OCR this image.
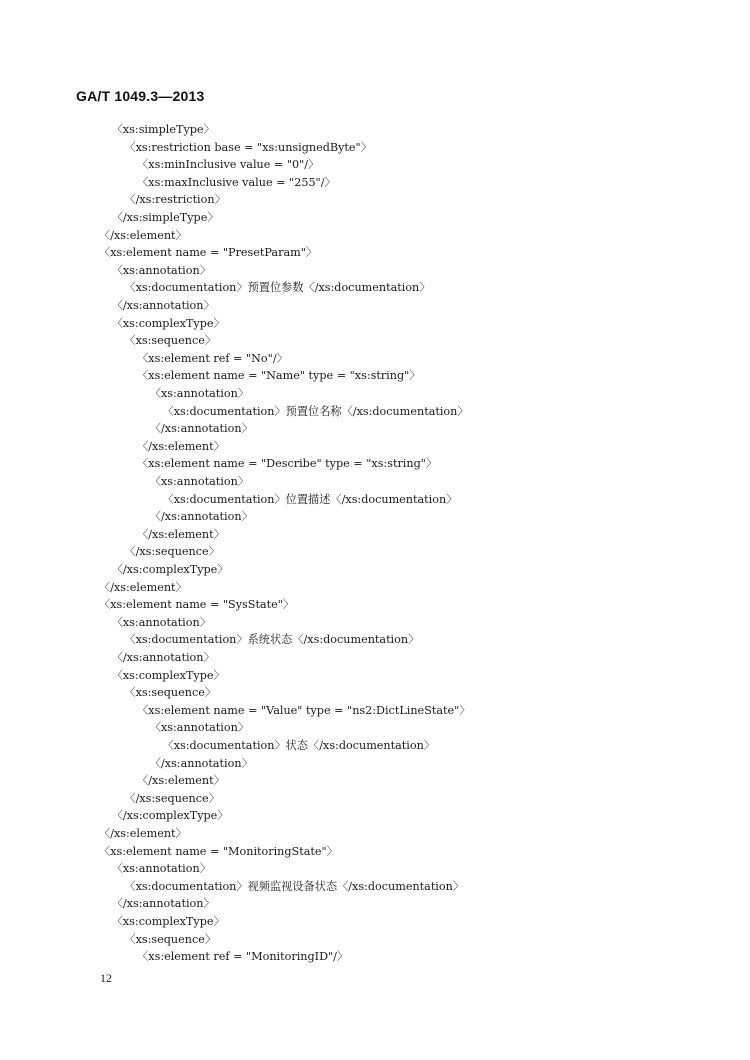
GA/T 1049.3—2013
〈xs:simpleType〉
〈xs:restriction base = "xs:unsignedByte"〉
〈xs:minInclusive value = "0"/〉
〈xs:maxInclusive value = "255"/〉
〈/xs:restriction〉
〈/xs:simpleType〉
〈/xs:element〉
〈xs:element name = "PresetParam"〉
〈xs:annotation〉
〈xs:documentation〉预置位参数〈/xs:documentation〉
〈/xs:annotation〉
〈xs:complexType〉
〈xs:sequence〉
〈xs:element ref = "No"/〉
〈xs:element name = "Name" type = "xs:string"〉
〈xs:annotation〉
〈xs:documentation〉预置位名称〈/xs:documentation〉
〈/xs:annotation〉
〈/xs:element〉
〈xs:element name = "Describe" type = "xs:string"〉
〈xs:annotation〉
〈xs:documentation〉位置描述〈/xs:documentation〉
〈/xs:annotation〉
〈/xs:element〉
〈/xs:sequence〉
〈/xs:complexType〉
〈/xs:element〉
〈xs:element name = "SysState"〉
〈xs:annotation〉
〈xs:documentation〉系统状态〈/xs:documentation〉
〈/xs:annotation〉
〈xs:complexType〉
〈xs:sequence〉
〈xs:element name = "Value" type = "ns2:DictLineState"〉
〈xs:annotation〉
〈xs:documentation〉状态〈/xs:documentation〉
〈/xs:annotation〉
〈/xs:element〉
〈/xs:sequence〉
〈/xs:complexType〉
〈/xs:element〉
〈xs:element name = "MonitoringState"〉
〈xs:annotation〉
〈xs:documentation〉视频监视设备状态〈/xs:documentation〉
〈/xs:annotation〉
〈xs:complexType〉
〈xs:sequence〉
〈xs:element ref = "MonitoringID"/〉
12
